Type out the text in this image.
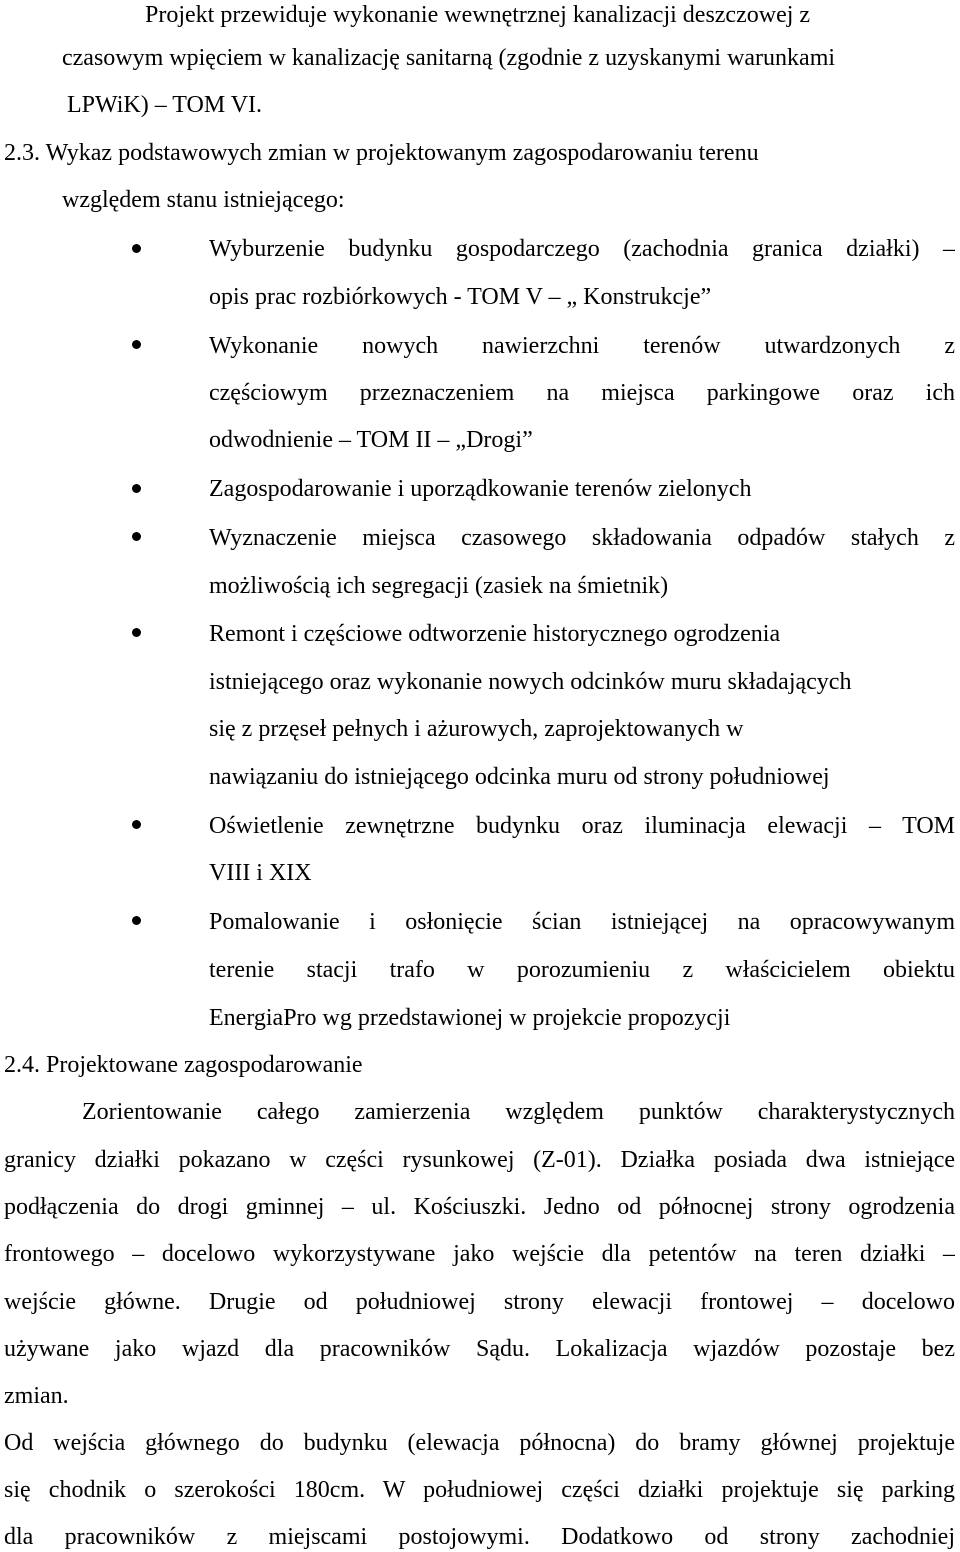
Projekt przewiduje wykonanie wewnętrznej kanalizacji deszczowej z
czasowym wpięciem w kanalizację sanitarną (zgodnie z uzyskanymi warunkami
LPWiK) – TOM VI.
2.3. Wykaz podstawowych zmian w projektowanym zagospodarowaniu terenu
względem stanu istniejącego:
Wyburzenie budynku gospodarczego (zachodnia granica działki) –
opis prac rozbiórkowych - TOM V – „ Konstrukcje”
Wykonanie nowych nawierzchni terenów utwardzonych z
częściowym przeznaczeniem na miejsca parkingowe oraz ich
odwodnienie – TOM II – „Drogi”
Zagospodarowanie i uporządkowanie terenów zielonych
Wyznaczenie miejsca czasowego składowania odpadów stałych z
możliwością ich segregacji (zasiek na śmietnik)
Remont i częściowe odtworzenie historycznego ogrodzenia
istniejącego oraz wykonanie nowych odcinków muru składających
się z przęseł pełnych i ażurowych, zaprojektowanych w
nawiązaniu do istniejącego odcinka muru od strony południowej
Oświetlenie zewnętrzne budynku oraz iluminacja elewacji – TOM
VIII i XIX
Pomalowanie i osłonięcie ścian istniejącej na opracowywanym
terenie stacji trafo w porozumieniu z właścicielem obiektu
EnergiaPro wg przedstawionej w projekcie propozycji
2.4. Projektowane zagospodarowanie
Zorientowanie całego zamierzenia względem punktów charakterystycznych
granicy działki pokazano w części rysunkowej (Z-01). Działka posiada dwa istniejące
podłączenia do drogi gminnej – ul. Kościuszki. Jedno od północnej strony ogrodzenia
frontowego – docelowo wykorzystywane jako wejście dla petentów na teren działki –
wejście główne. Drugie od południowej strony elewacji frontowej – docelowo
używane jako wjazd dla pracowników Sądu. Lokalizacja wjazdów pozostaje bez
zmian.
Od wejścia głównego do budynku (elewacja północna) do bramy głównej projektuje
się chodnik o szerokości 180cm. W południowej części działki projektuje się parking
dla pracowników z miejscami postojowymi. Dodatkowo od strony zachodniej
